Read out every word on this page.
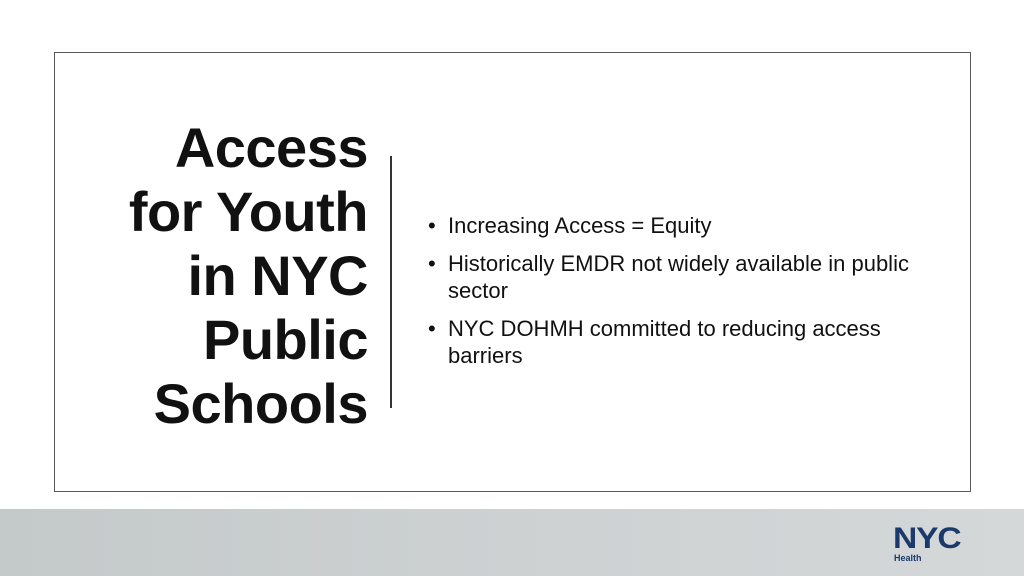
Access
for Youth
in NYC
Public
Schools
• Increasing Access = Equity
• Historically EMDR not widely available in public sector
• NYC DOHMH committed to reducing access barriers
NYC
Health
